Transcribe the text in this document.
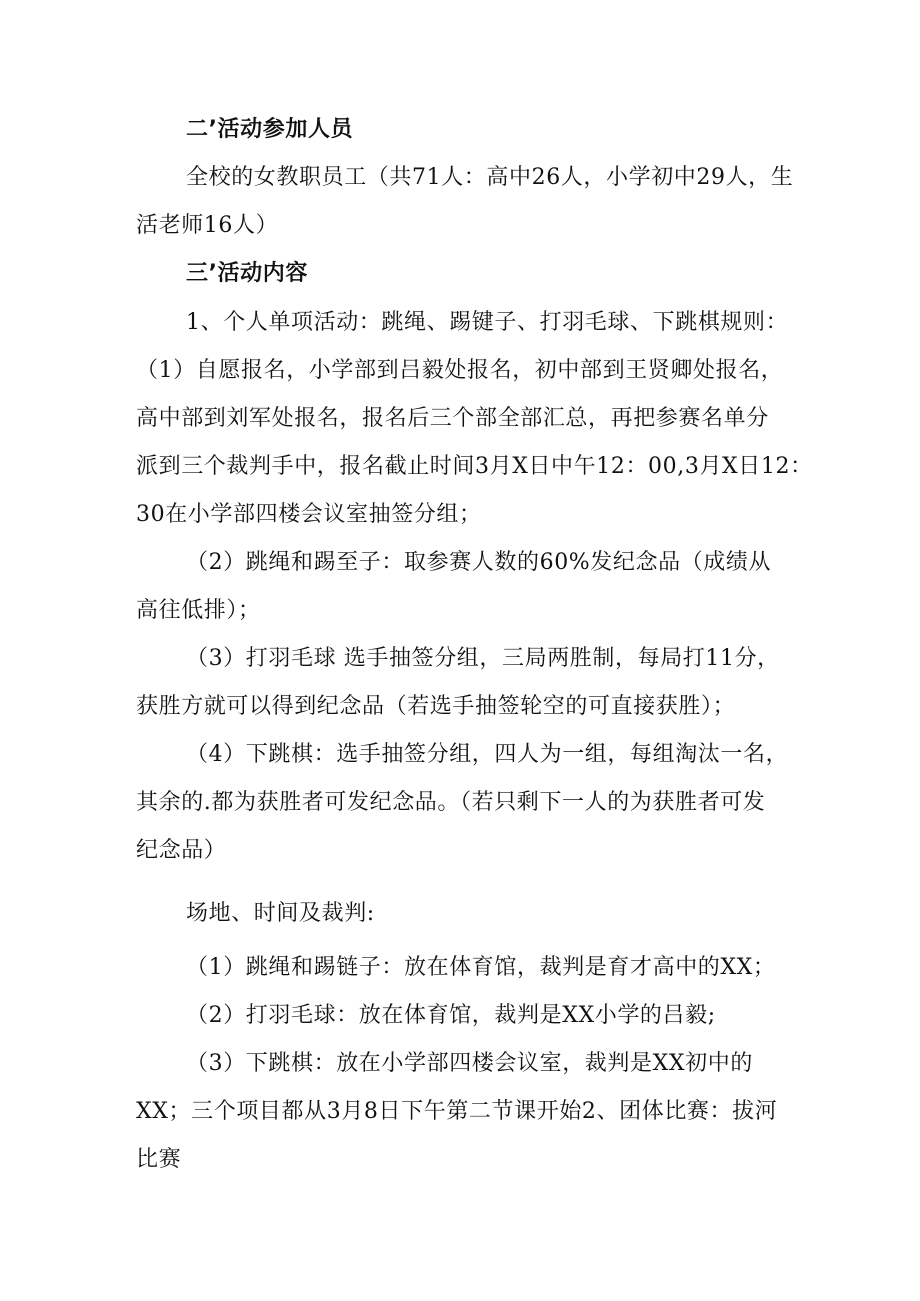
二’活动参加人员
全校的女教职员工（共71人：高中26人，小学初中29人，生
活老师16人）
三’活动内容
1、个人单项活动：跳绳、踢键子、打羽毛球、下跳棋规则：
（1）自愿报名，小学部到吕毅处报名，初中部到王贤卿处报名，
高中部到刘军处报名，报名后三个部全部汇总，再把参赛名单分
派到三个裁判手中，报名截止时间3月X日中午12：00,3月X日12：
30在小学部四楼会议室抽签分组；
（2）跳绳和踢至子：取参赛人数的60%发纪念品（成绩从
高往低排）；
（3）打羽毛球 选手抽签分组，三局两胜制，每局打11分，
获胜方就可以得到纪念品（若选手抽签轮空的可直接获胜）；
（4）下跳棋：选手抽签分组，四人为一组，每组淘汰一名，
其余的.都为获胜者可发纪念品。（若只剩下一人的为获胜者可发
纪念品）
场地、时间及裁判:
（1）跳绳和踢链子：放在体育馆，裁判是育才高中的XX；
（2）打羽毛球：放在体育馆，裁判是XX小学的吕毅;
（3）下跳棋：放在小学部四楼会议室，裁判是XX初中的
XX；三个项目都从3月8日下午第二节课开始2、团体比赛：拔河
比赛
